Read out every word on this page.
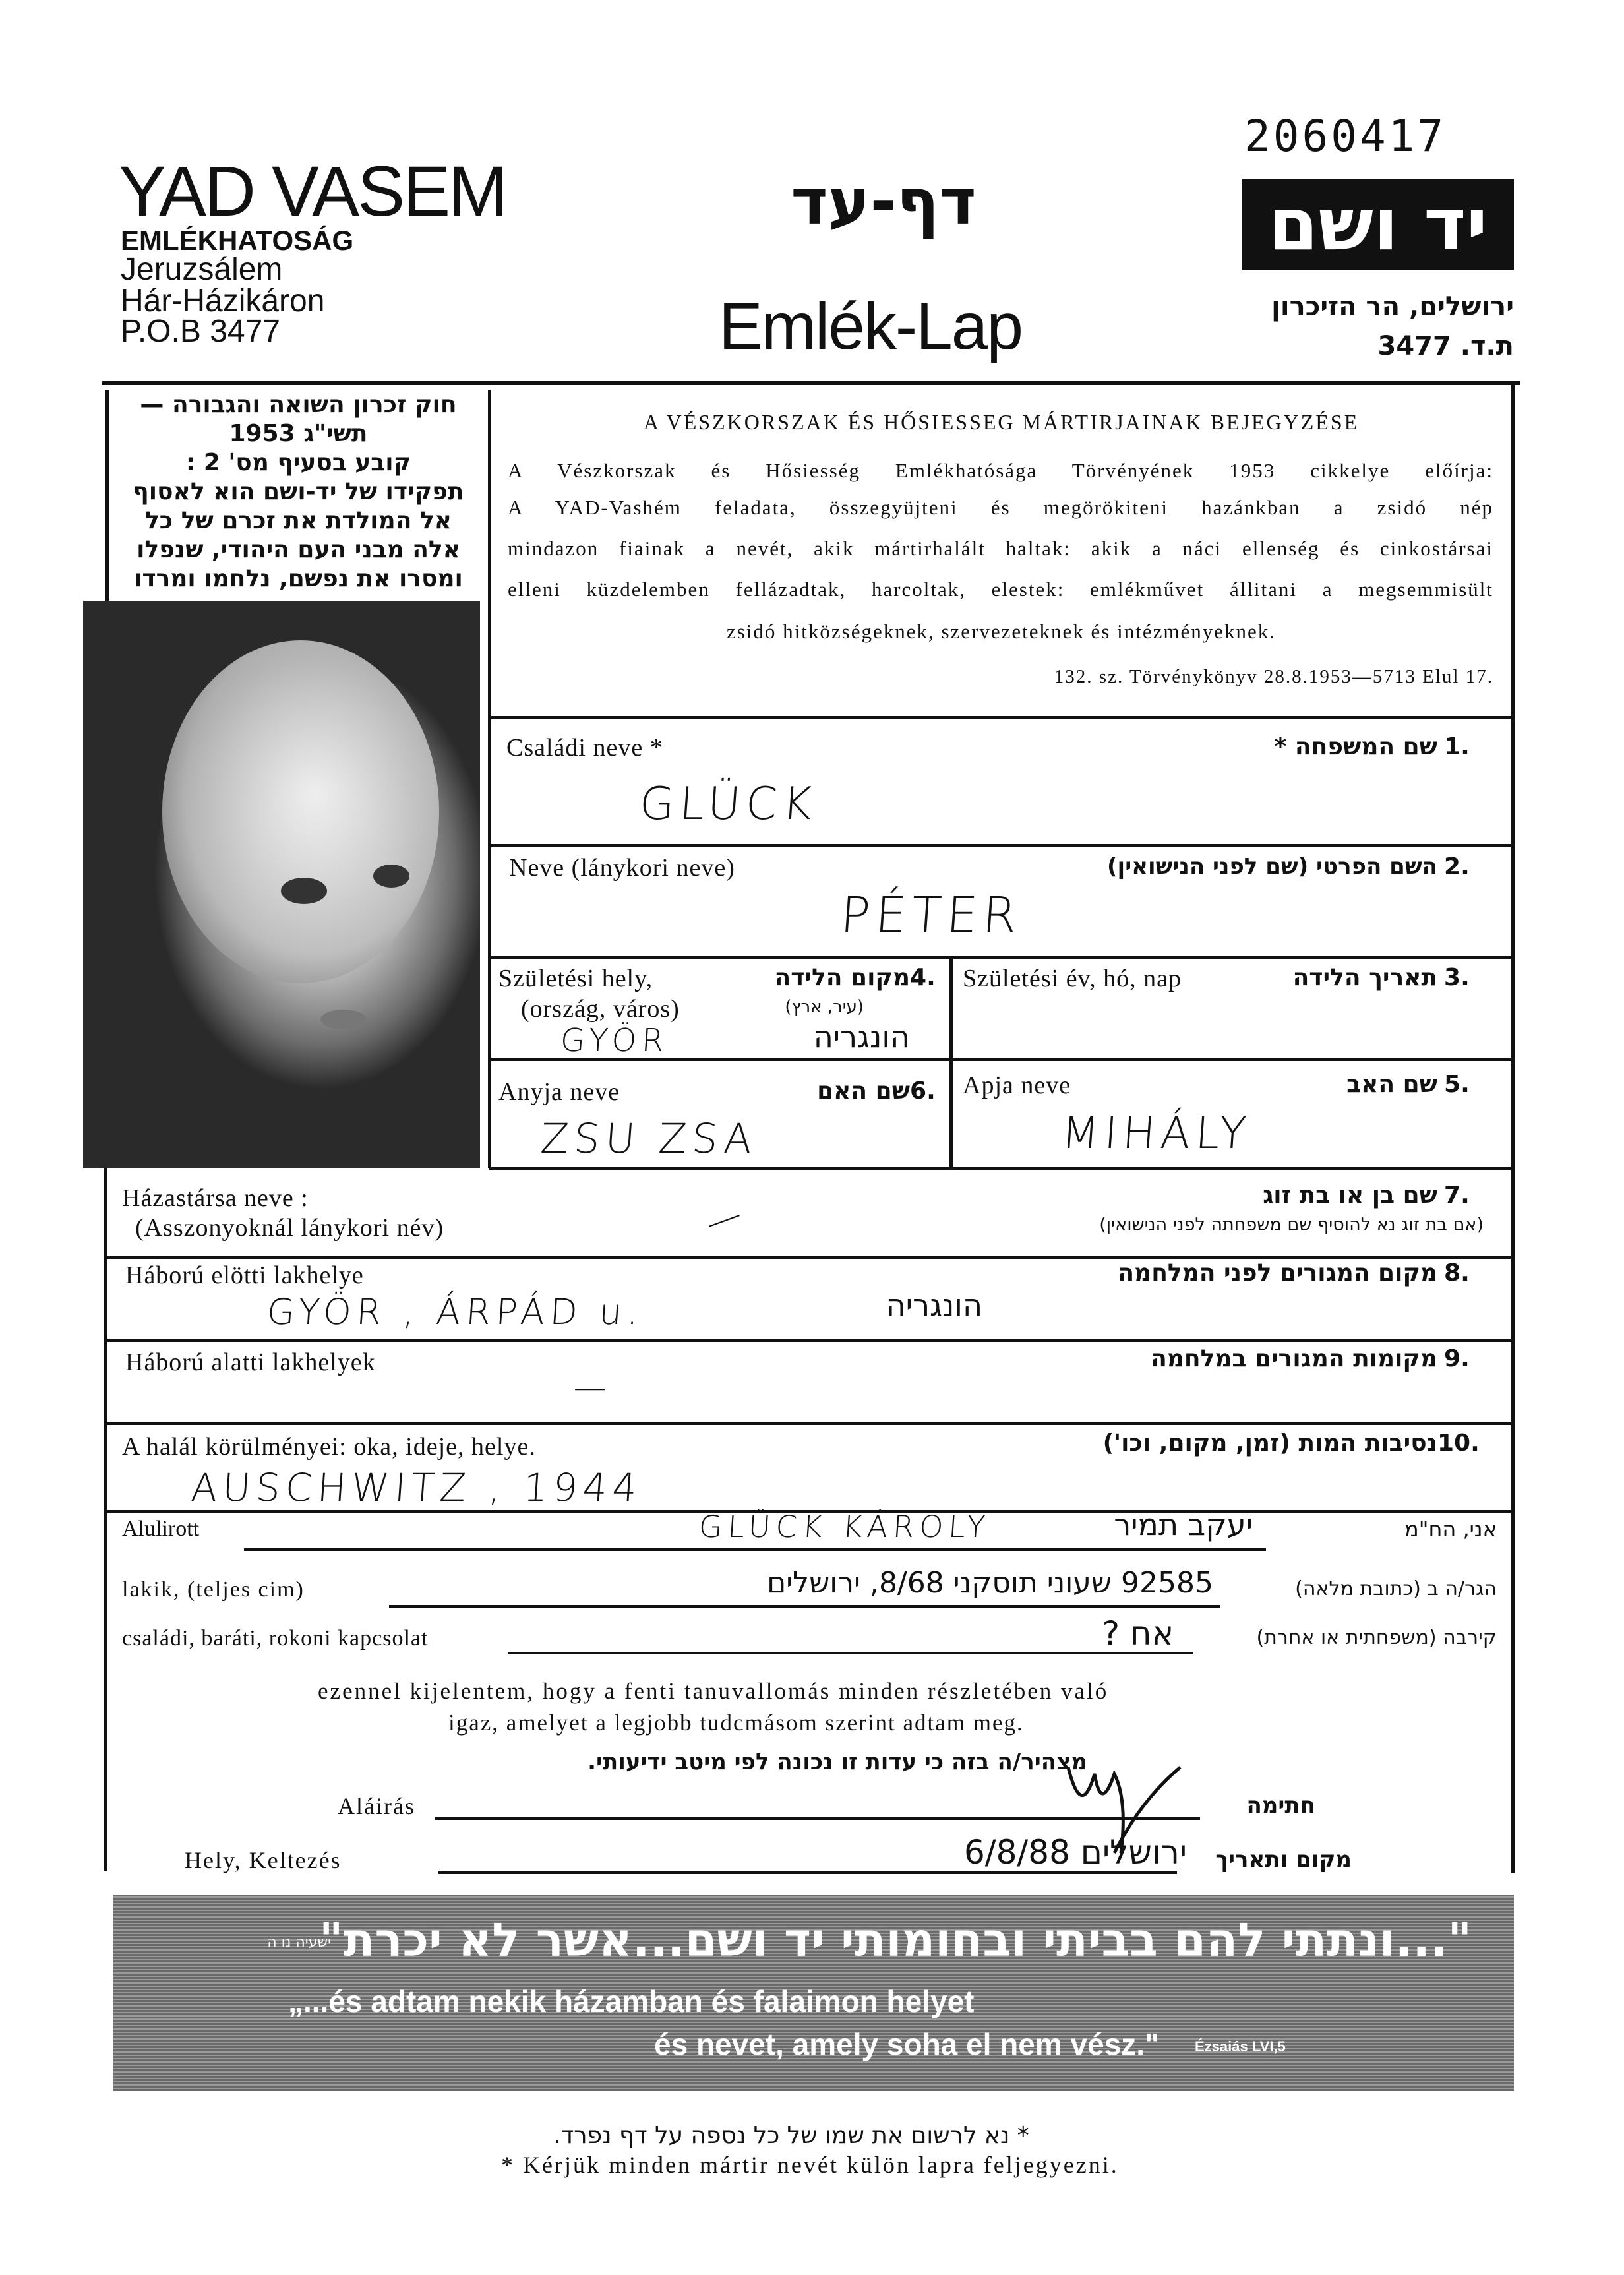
2060417
YAD VASEM
EMLÉKHATOSÁG
Jeruzsálem
Hár-Házikáron
P.O.B 3477
דף-עד
Emlék-Lap
יד ושם
ירושלים, הר הזיכרון
ת.ד. 3477
חוק זכרון השואה והגבורה —
תשי"ג 1953
קובע בסעיף מס' 2 :
תפקידו של יד-ושם הוא לאסוף
אל המולדת את זכרם של כל
אלה מבני העם היהודי, שנפלו
ומסרו את נפשם, נלחמו ומרדו
A VÉSZKORSZAK ÉS HŐSIESSEG MÁRTIRJAINAK BEJEGYZÉSE
A Vészkorszak és Hősiesség Emlékhatósága Törvényének 1953 cikkelye előírja:
A YAD-Vashém feladata, összegyüjteni és megörökiteni hazánkban a zsidó nép
mindazon fiainak a nevét, akik mártirhalált haltak: akik a náci ellenség és cinkostársai
elleni küzdelemben fellázadtak, harcoltak, elestek: emlékművet állitani a megsemmisült
zsidó hitközségeknek, szervezeteknek és intézményeknek.
132. sz. Törvénykönyv 28.8.1953—5713 Elul 17.
Családi neve *	שם המשפחה * .1
GLÜCK
Neve (lánykori neve)	השם הפרטי (שם לפני הנישואין) .2
PÉTER
Születési hely,
(ország, város)
מקום הלידה .4
(עיר, ארץ)
GYÖR	הונגריה
Születési év, hó, nap	תאריך הלידה .3
Anyja neve	שם האם .6
ZSU ZSA
Apja neve	שם האב .5
MIHÁLY
Házastársa neve :
(Asszonyoknál lánykori név)
שם בן או בת זוג .7
(אם בת זוג נא להוסיף שם משפחתה לפני הנישואין)
—
Háború elötti lakhelye	מקום המגורים לפני המלחמה .8
GYÖR , ÁRPÁD u.	הונגריה
Háború alatti lakhelyek	מקומות המגורים במלחמה .9
—
A halál körülményei: oka, ideje, helye.	נסיבות המות (זמן, מקום, וכו') .10
AUSCHWITZ , 1944
Alulirott	GLÜCK KÁROLY	יעקב תמיר	אני, הח"מ
lakik, (teljes cim)	92585 שעוני תוסקני 8/68, ירושלים	הגר/ה ב (כתובת מלאה)
családi, baráti, rokoni kapcsolat	אח ?	קירבה (משפחתית או אחרת)
ezennel kijelentem, hogy a fenti tanuvallomás minden részletében való
igaz, amelyet a legjobb tudcmásom szerint adtam meg.
מצהיר/ה בזה כי עדות זו נכונה לפי מיטב ידיעותי.
Aláirás	חתימה
Hely, Keltezés	ירושלים 6/8/88	מקום ותאריך
"...ונתתי להם בביתי ובחומותי יד ושם...אשר לא יכרת"
ישעיה נו ה
„...és adtam nekik házamban és falaimon helyet
és nevet, amely soha el nem vész." Ézsaiás LVI,5
* נא לרשום את שמו של כל נספה על דף נפרד.
* Kérjük minden mártir nevét külön lapra feljegyezni.
